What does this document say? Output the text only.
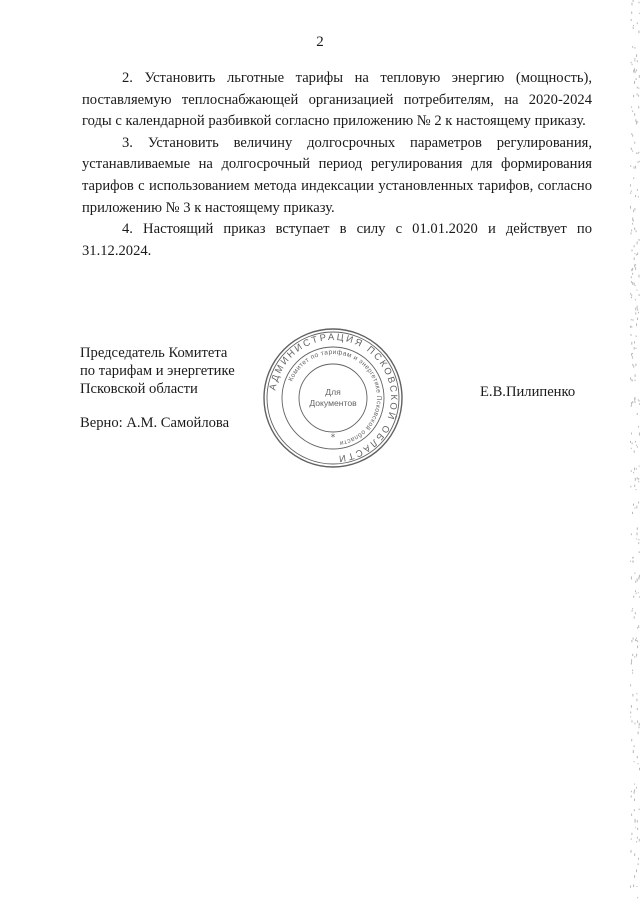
2

2. Установить льготные тарифы на тепловую энергию (мощность), поставляемую теплоснабжающей организацией потребителям, на 2020-2024 годы с календарной разбивкой согласно приложению № 2 к настоящему приказу.

3. Установить величину долгосрочных параметров регулирования, устанавливаемые на долгосрочный период регулирования для формирования тарифов с использованием метода индексации установленных тарифов, согласно приложению № 3 к настоящему приказу.

4. Настоящий приказ вступает в силу с 01.01.2020 и действует по 31.12.2024.

Председатель Комитета
по тарифам и энергетике
Псковской области
Верно: А.М. Самойлова
Е.В.Пилипенко
АДМИНИСТРАЦИЯ ПСКОВСКОЙ ОБЛАСТИ
Комитет по тарифам и энергетике Псковской области
Для
Документов
*
